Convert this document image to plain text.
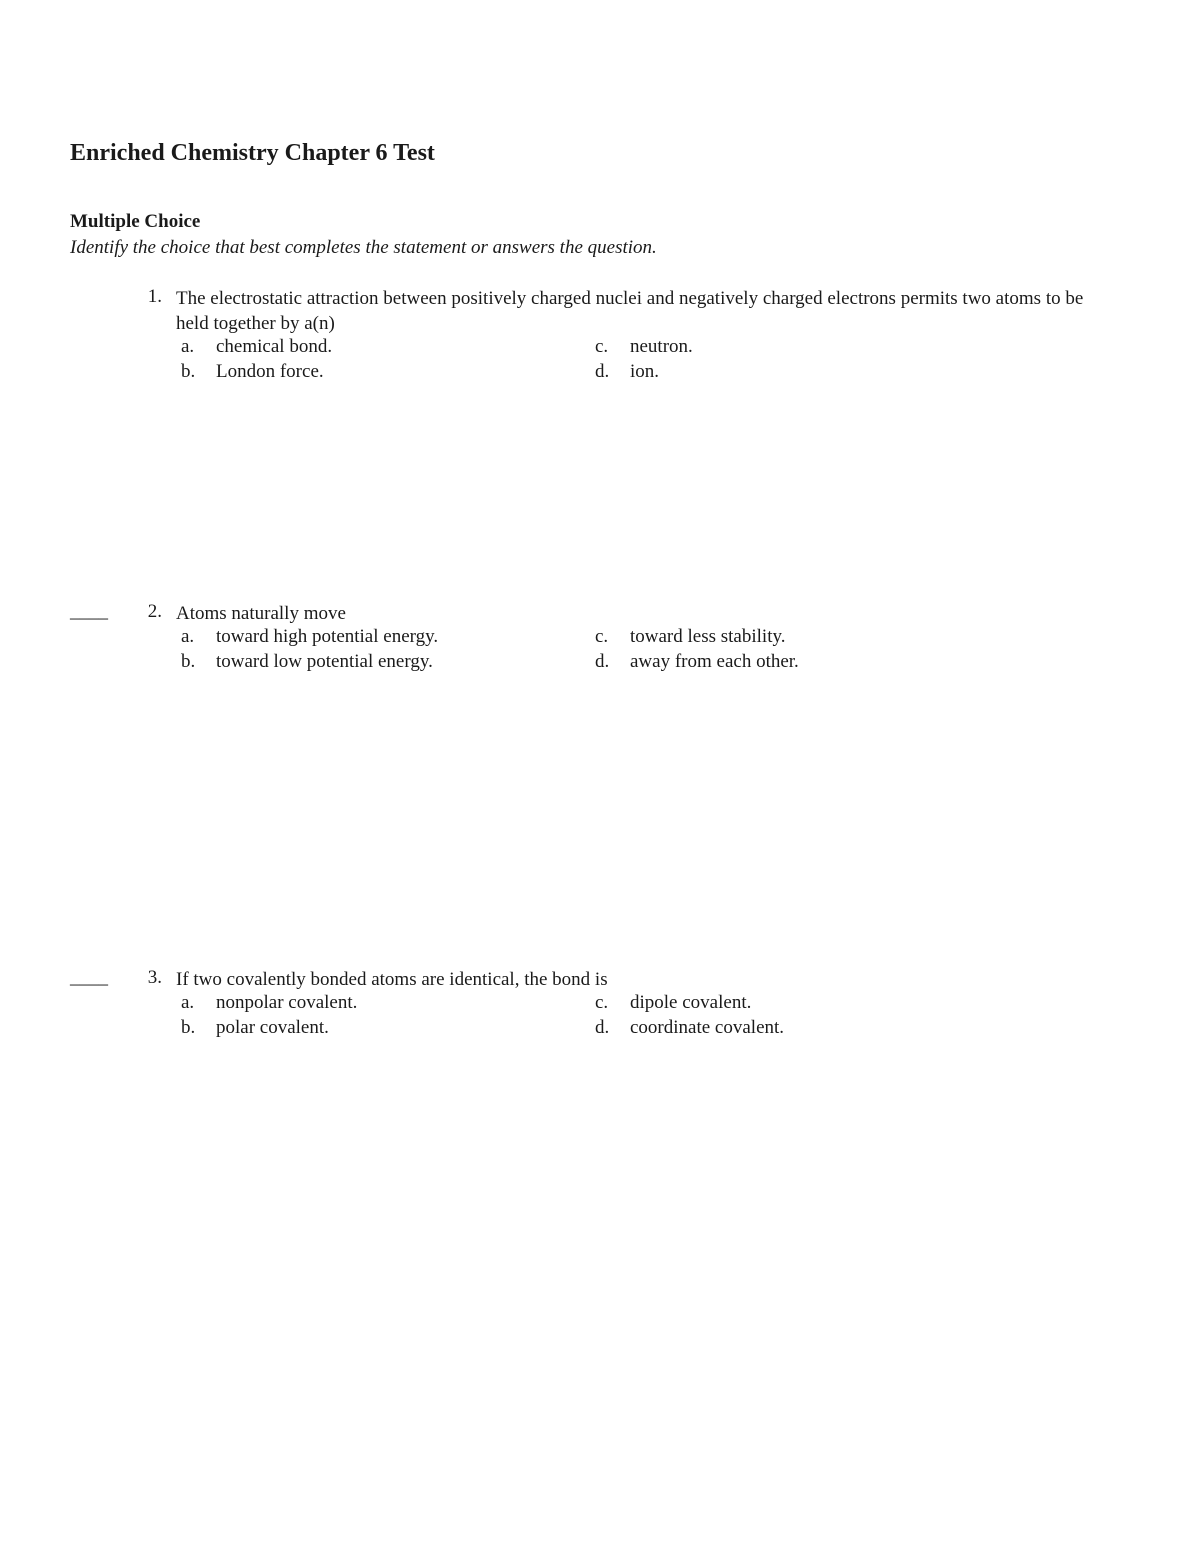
Enriched Chemistry Chapter 6 Test
Multiple Choice
Identify the choice that best completes the statement or answers the question.
1. The electrostatic attraction between positively charged nuclei and negatively charged electrons permits two atoms to be held together by a(n)
a. chemical bond.
b. London force.
c. neutron.
d. ion.
____	2. Atoms naturally move
a. toward high potential energy.
b. toward low potential energy.
c. toward less stability.
d. away from each other.
____	3. If two covalently bonded atoms are identical, the bond is
a. nonpolar covalent.
b. polar covalent.
c. dipole covalent.
d. coordinate covalent.
